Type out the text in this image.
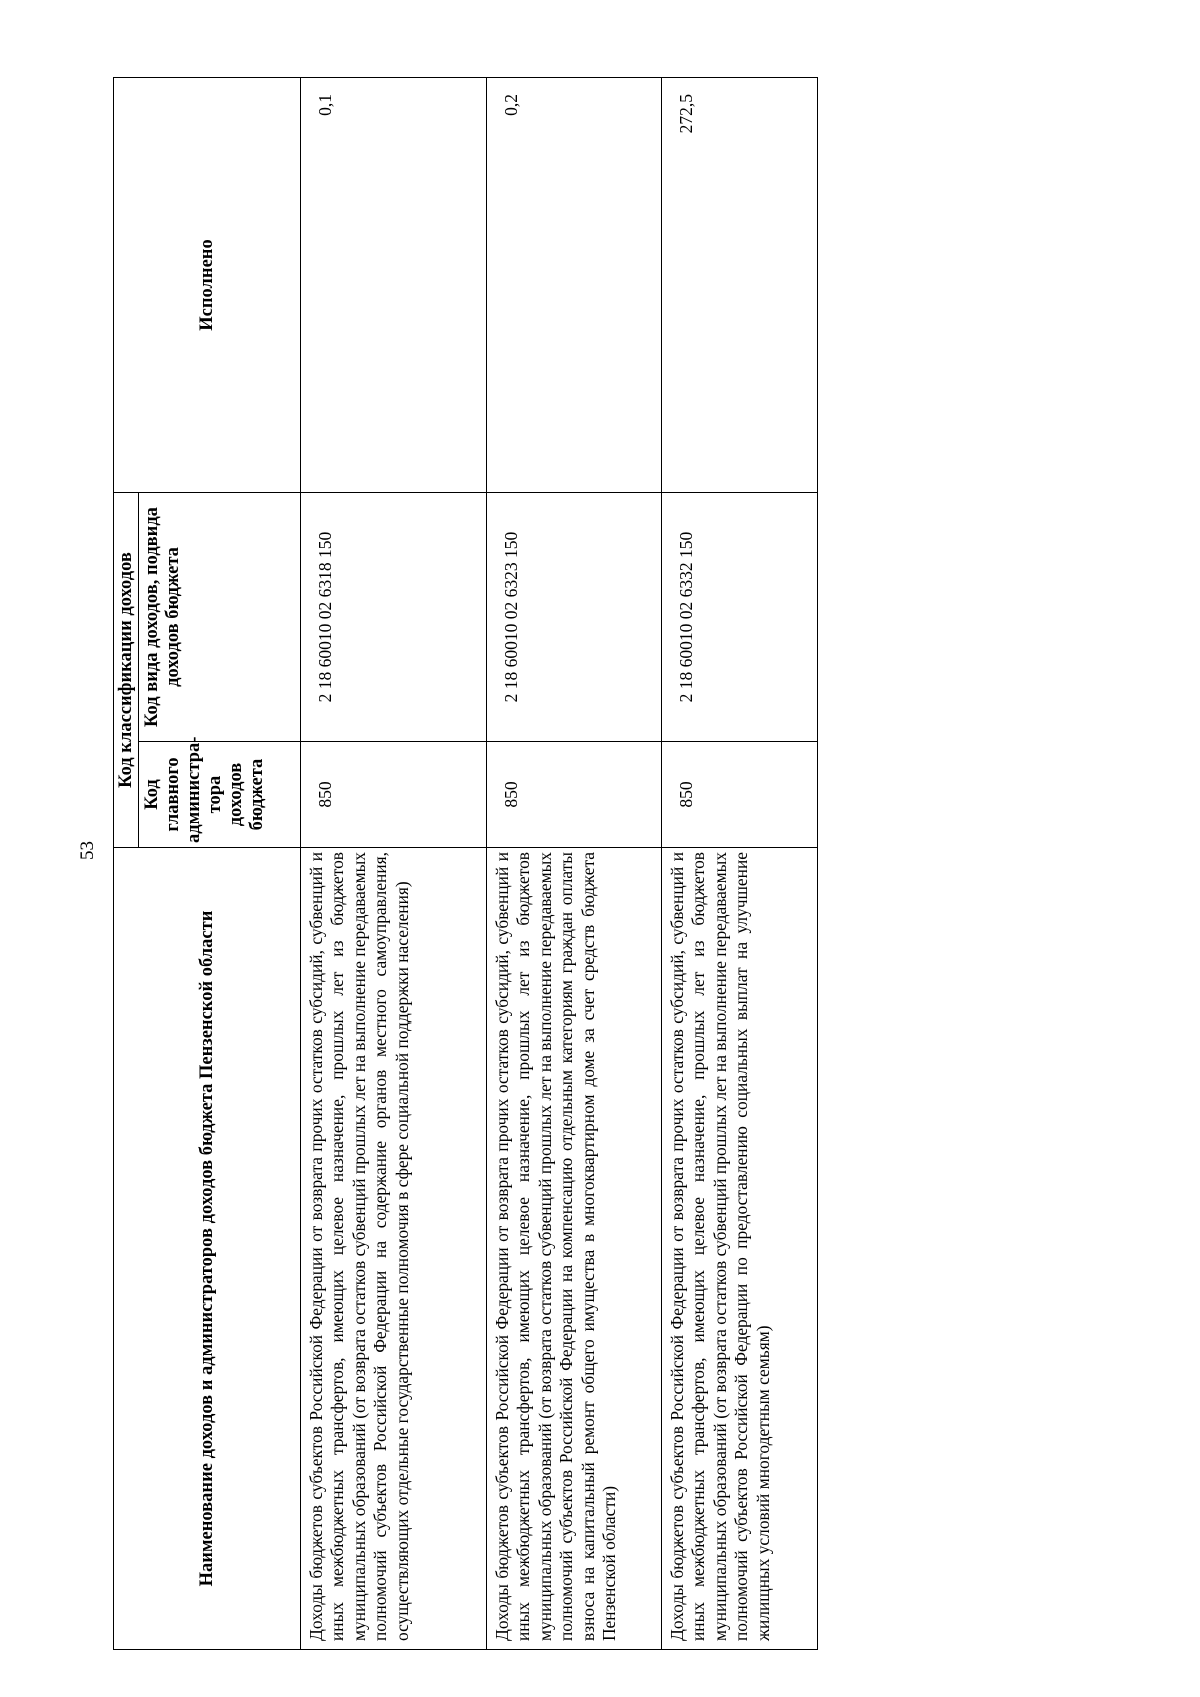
53
Наименование доходов и администраторов доходов бюджета Пензенской области	Код классификации доходов		Исполнено
	Код главного администра-тора доходов бюджета	Код вида доходов, подвида доходов бюджета	
Доходы бюджетов субъектов Российской Федерации от возврата прочих остатков субсидий, субвенций и иных межбюджетных трансфертов, имеющих целевое назначение, прошлых лет из бюджетов муниципальных образований (от возврата остатков субвенций прошлых лет на выполнение передаваемых полномочий субъектов Российской Федерации на содержание органов местного самоуправления, осуществляющих отдельные государственные полномочия в сфере социальной поддержки населения)	850	2 18 60010 02 6318 150	0,1
Доходы бюджетов субъектов Российской Федерации от возврата прочих остатков субсидий, субвенций и иных межбюджетных трансфертов, имеющих целевое назначение, прошлых лет из бюджетов муниципальных образований (от возврата остатков субвенций прошлых лет на выполнение передаваемых полномочий субъектов Российской Федерации на компенсацию отдельным категориям граждан оплаты взноса на капитальный ремонт общего имущества в многоквартирном доме за счет средств бюджета Пензенской области)	850	2 18 60010 02 6323 150	0,2
Доходы бюджетов субъектов Российской Федерации от возврата прочих остатков субсидий, субвенций и иных межбюджетных трансфертов, имеющих целевое назначение, прошлых лет из бюджетов муниципальных образований (от возврата остатков субвенций прошлых лет на выполнение передаваемых полномочий субъектов Российской Федерации по предоставлению социальных выплат на улучшение жилищных условий многодетным семьям)	850	2 18 60010 02 6332 150	272,5
